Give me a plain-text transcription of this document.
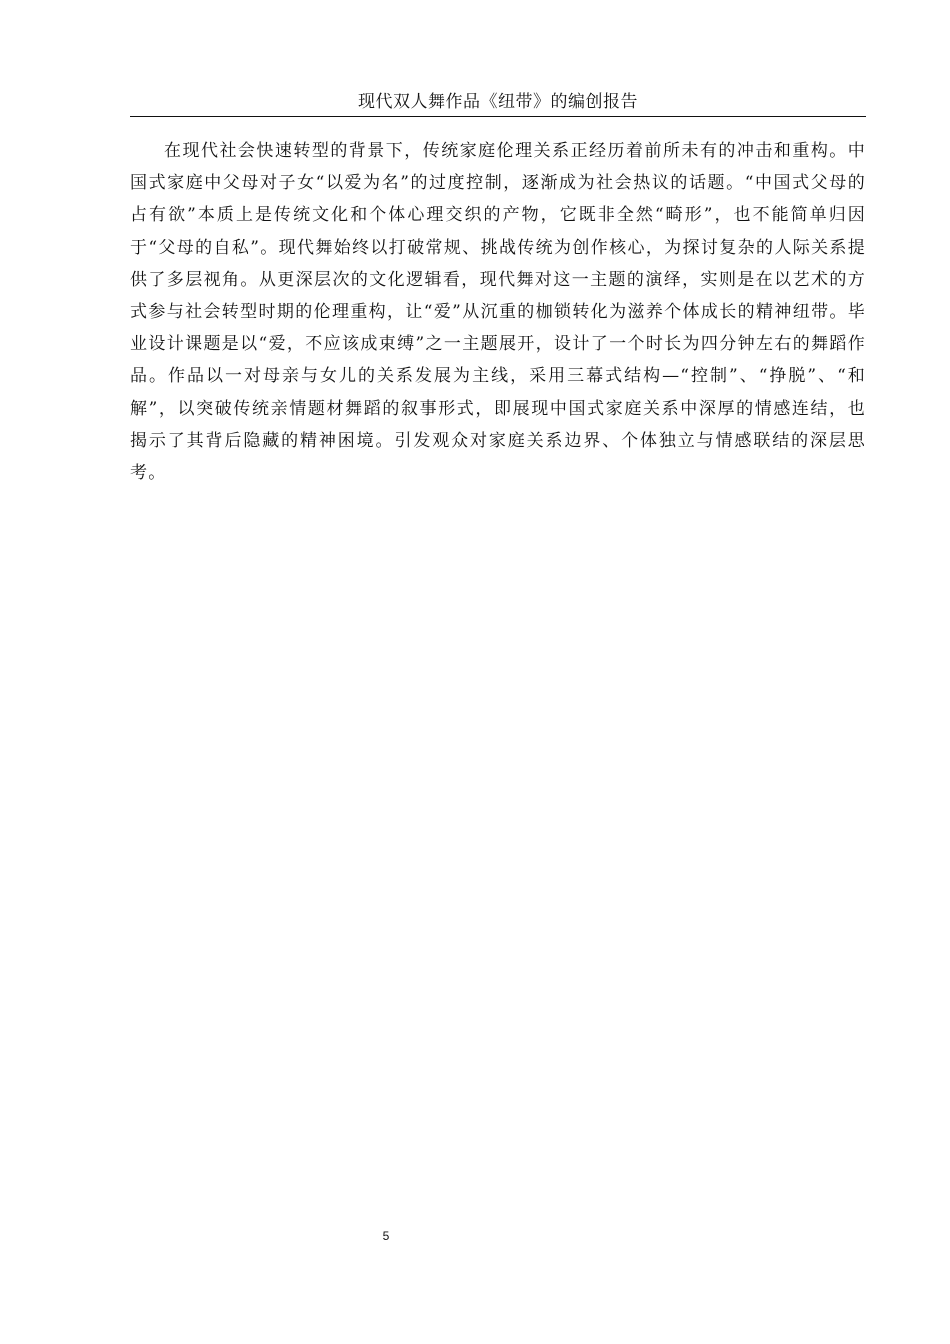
现代双人舞作品《纽带》的编创报告

在现代社会快速转型的背景下，传统家庭伦理关系正经历着前所未有的冲击和重构。中国式家庭中父母对子女“以爱为名”的过度控制，逐渐成为社会热议的话题。“中国式父母的占有欲”本质上是传统文化和个体心理交织的产物，它既非全然“畸形”，也不能简单归因于“父母的自私”。现代舞始终以打破常规、挑战传统为创作核心，为探讨复杂的人际关系提供了多层视角。从更深层次的文化逻辑看，现代舞对这一主题的演绎，实则是在以艺术的方式参与社会转型时期的伦理重构，让“爱”从沉重的枷锁转化为滋养个体成长的精神纽带。毕业设计课题是以“爱，不应该成束缚”之一主题展开，设计了一个时长为四分钟左右的舞蹈作品。作品以一对母亲与女儿的关系发展为主线，采用三幕式结构—“控制”、“挣脱”、“和解”，以突破传统亲情题材舞蹈的叙事形式，即展现中国式家庭关系中深厚的情感连结，也揭示了其背后隐藏的精神困境。引发观众对家庭关系边界、个体独立与情感联结的深层思考。

5
